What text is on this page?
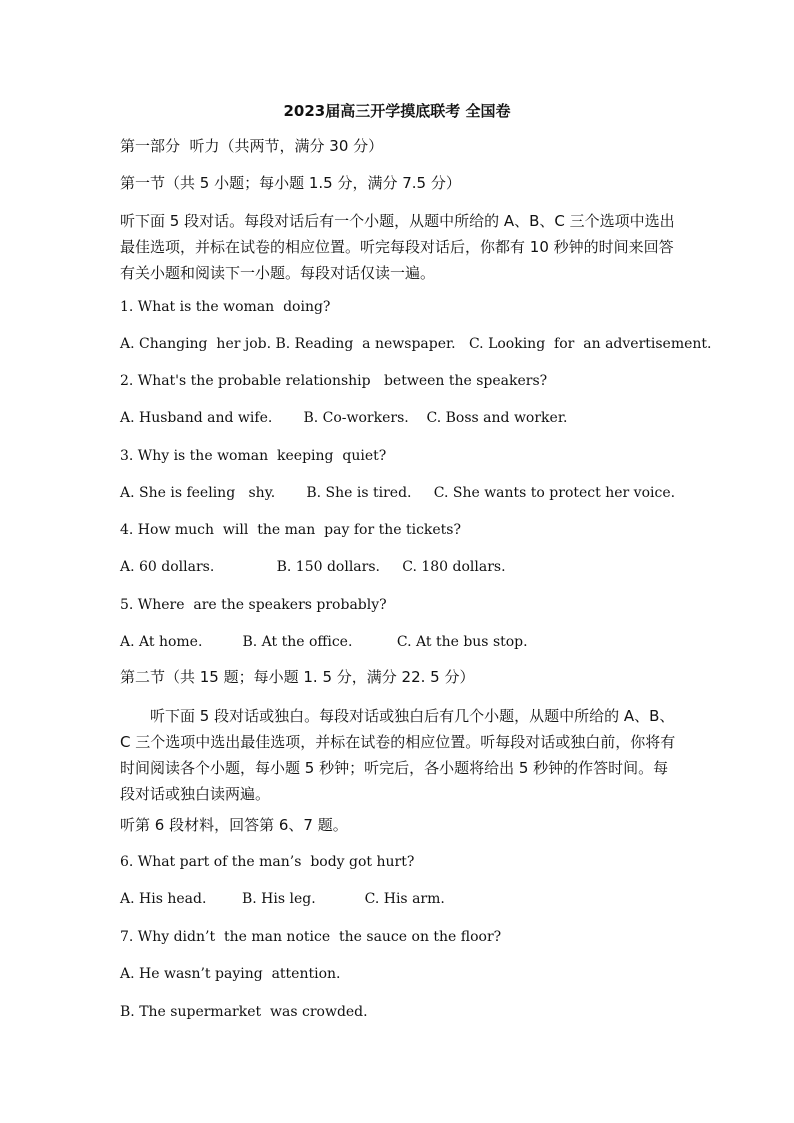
2023届高三开学摸底联考 全国卷
第一部分  听力（共两节，满分 30 分）
第一节（共 5 小题；每小题 1.5 分，满分 7.5 分）
听下面 5 段对话。每段对话后有一个小题，从题中所给的 A、B、C 三个选项中选出最佳选项，并标在试卷的相应位置。听完每段对话后，你都有 10 秒钟的时间来回答有关小题和阅读下一小题。每段对话仅读一遍。
1. What is the woman  doing?
A. Changing  her job. B. Reading  a newspaper.   C. Looking  for  an advertisement.
2. What's the probable relationship   between the speakers?
A. Husband and wife.       B. Co-workers.    C. Boss and worker.
3. Why is the woman  keeping  quiet?
A. She is feeling   shy.       B. She is tired.     C. She wants to protect her voice.
4. How much  will  the man  pay for the tickets?
A. 60 dollars.              B. 150 dollars.     C. 180 dollars.
5. Where  are the speakers probably?
A. At home.         B. At the office.          C. At the bus stop.
第二节（共 15 题；每小题 1. 5 分，满分 22. 5 分）
听下面 5 段对话或独白。每段对话或独白后有几个小题，从题中所给的 A、B、C 三个选项中选出最佳选项，并标在试卷的相应位置。听每段对话或独白前，你将有时间阅读各个小题，每小题 5 秒钟；听完后，各小题将给出 5 秒钟的作答时间。每段对话或独白读两遍。
听第 6 段材料，回答第 6、7 题。
6. What part of the man’s  body got hurt?
A. His head.        B. His leg.           C. His arm.
7. Why didn’t  the man notice  the sauce on the floor?
A. He wasn’t paying  attention.
B. The supermarket  was crowded.
